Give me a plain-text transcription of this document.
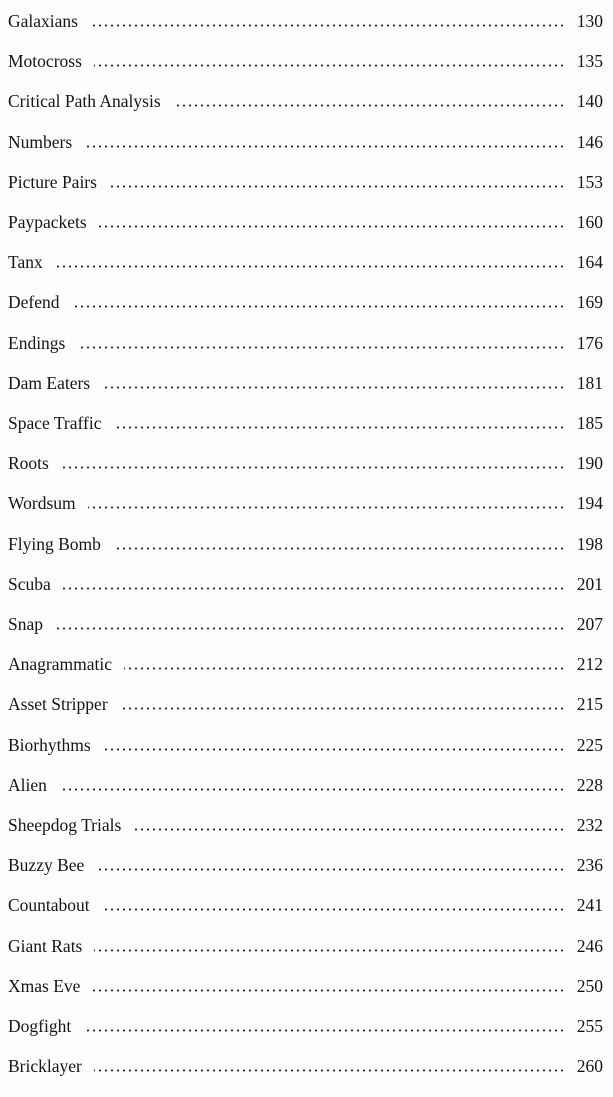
Galaxians	130
Motocross	135
Critical Path Analysis	140
Numbers	146
Picture Pairs	153
Paypackets	160
Tanx	164
Defend	169
Endings	176
Dam Eaters	181
Space Traffic	185
Roots	190
Wordsum	194
Flying Bomb	198
Scuba	201
Snap	207
Anagrammatic	212
Asset Stripper	215
Biorhythms	225
Alien	228
Sheepdog Trials	232
Buzzy Bee	236
Countabout	241
Giant Rats	246
Xmas Eve	250
Dogfight	255
Bricklayer	260
